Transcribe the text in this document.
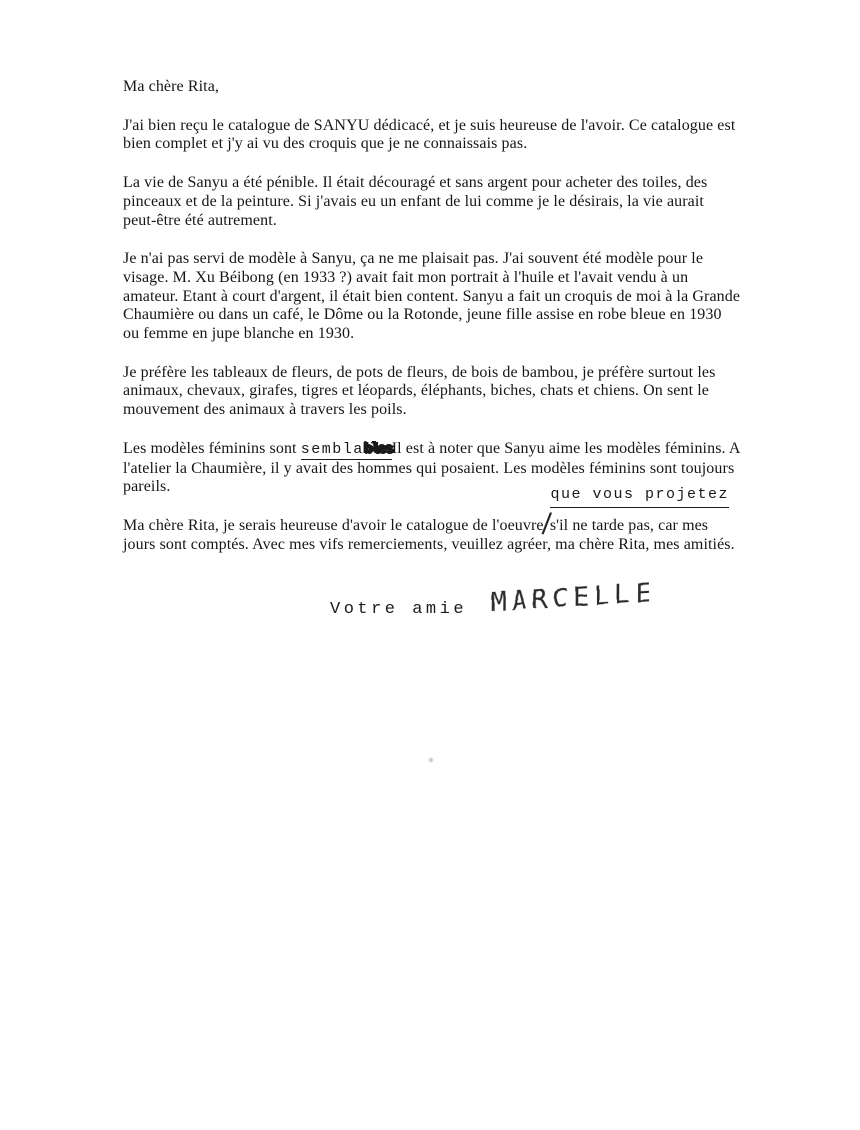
Ma chère Rita,

J'ai bien reçu le catalogue de SANYU dédicacé, et je suis heureuse de l'avoir. Ce catalogue est bien complet et j'y ai vu des croquis que je ne connaissais pas.

La vie de Sanyu a été pénible. Il était découragé et sans argent pour acheter des toiles, des pinceaux et de la peinture. Si j'avais eu un enfant de lui comme je le désirais, la vie aurait peut-être été autrement.

Je n'ai pas servi de modèle à Sanyu, ça ne me plaisait pas. J'ai souvent été modèle pour le visage. M. Xu Béibong (en 1933 ?) avait fait mon portrait à l'huile et l'avait vendu à un amateur. Etant à court d'argent, il était bien content. Sanyu a fait un croquis de moi à la Grande Chaumière ou dans un café, le Dôme ou la Rotonde, jeune fille assise en robe bleue en 1930 ou femme en jupe blanche en 1930.

Je préfère les tableaux de fleurs, de pots de fleurs, de bois de bambou, je préfère surtout les animaux, chevaux, girafes, tigres et léopards, éléphants, biches, chats et chiens. On sent le mouvement des animaux à travers les poils.

Les modèles féminins sont semblablesIl est à noter que Sanyu aime les modèles féminins. A l'atelier la Chaumière, il y avait des hommes qui posaient. Les modèles féminins sont toujours pareils.	que vous projetez

Ma chère Rita, je serais heureuse d'avoir le catalogue de l'oeuvre/s'il ne tarde pas, car mes jours sont comptés. Avec mes vifs remerciements, veuillez agréer, ma chère Rita, mes amitiés.

Votre amie MARCELLE
